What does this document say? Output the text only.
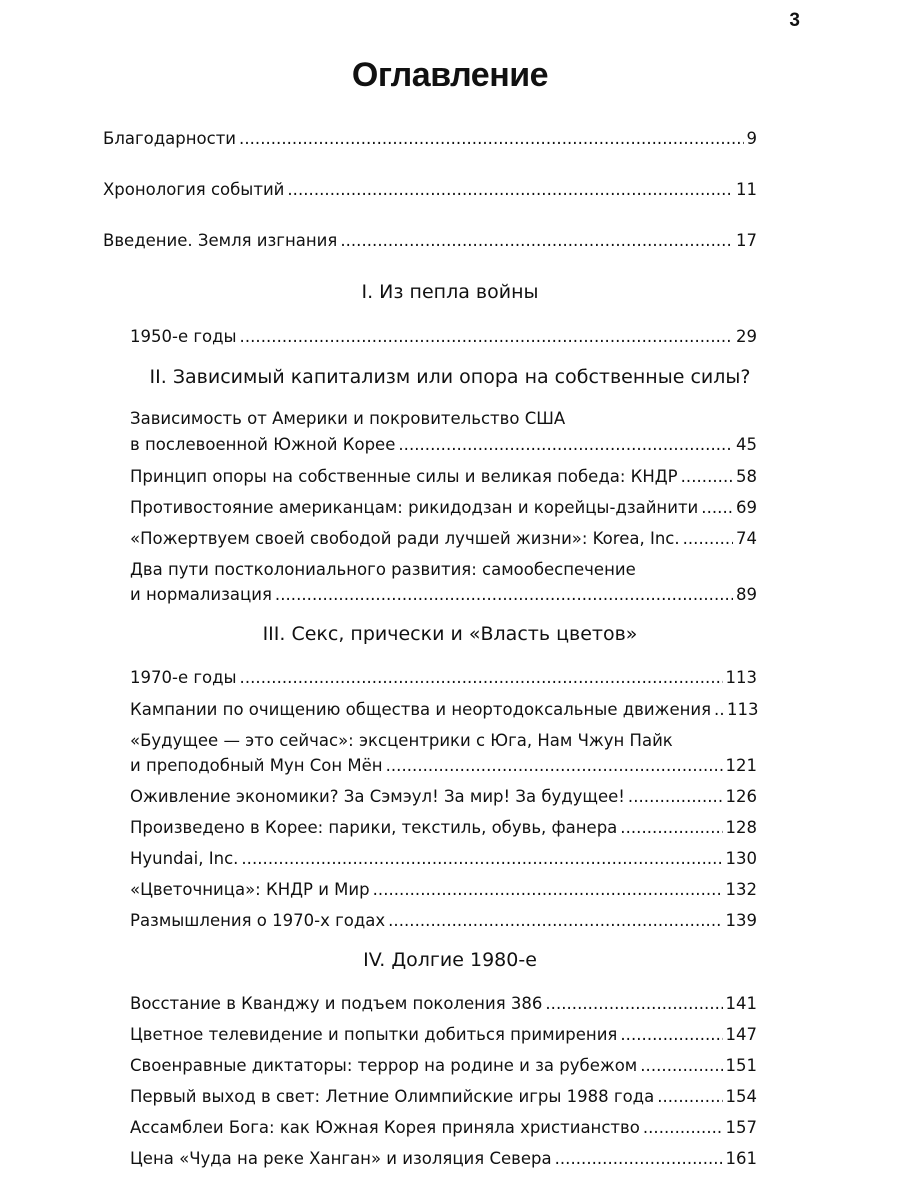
3
Оглавление
Благодарности . . .	9
Хронология событий . . .	11
Введение. Земля изгнания . . .	17
I. Из пепла войны
1950-е годы . . .	29
II. Зависимый капитализм или опора на собственные силы?
Зависимость от Америки и покровительство США
в послевоенной Южной Корее . . .	45
Принцип опоры на собственные силы и великая победа: КНДР . . .	58
Противостояние американцам: рикидодзан и корейцы-дзайнити . . . 69
«Пожертвуем своей свободой ради лучшей жизни»: Korea, Inc. . . .	74
Два пути постколониального развития: самообеспечение
и нормализация . . .	89
III. Секс, прически и «Власть цветов»
1970-е годы . . .	113
Кампании по очищению общества и неортодоксальные движения . . . 113
«Будущее — это сейчас»: эксцентрики с Юга, Нам Чжун Пайк
и преподобный Мун Сон Мён . . .	121
Оживление экономики? За Сэмэул! За мир! За будущее! . . .	126
Произведено в Корее: парики, текстиль, обувь, фанера . . .	128
Hyundai, Inc. . . .	130
«Цветочница»: КНДР и Мир . . .	132
Размышления о 1970-х годах . . .	139
IV. Долгие 1980-е
Восстание в Кванджу и подъем поколения 386 . . .	141
Цветное телевидение и попытки добиться примирения . . .	147
Своенравные диктаторы: террор на родине и за рубежом . . .	151
Первый выход в свет: Летние Олимпийские игры 1988 года . . .	154
Ассамблеи Бога: как Южная Корея приняла христианство . . .	157
Цена «Чуда на реке Ханган» и изоляция Севера . . .	161
